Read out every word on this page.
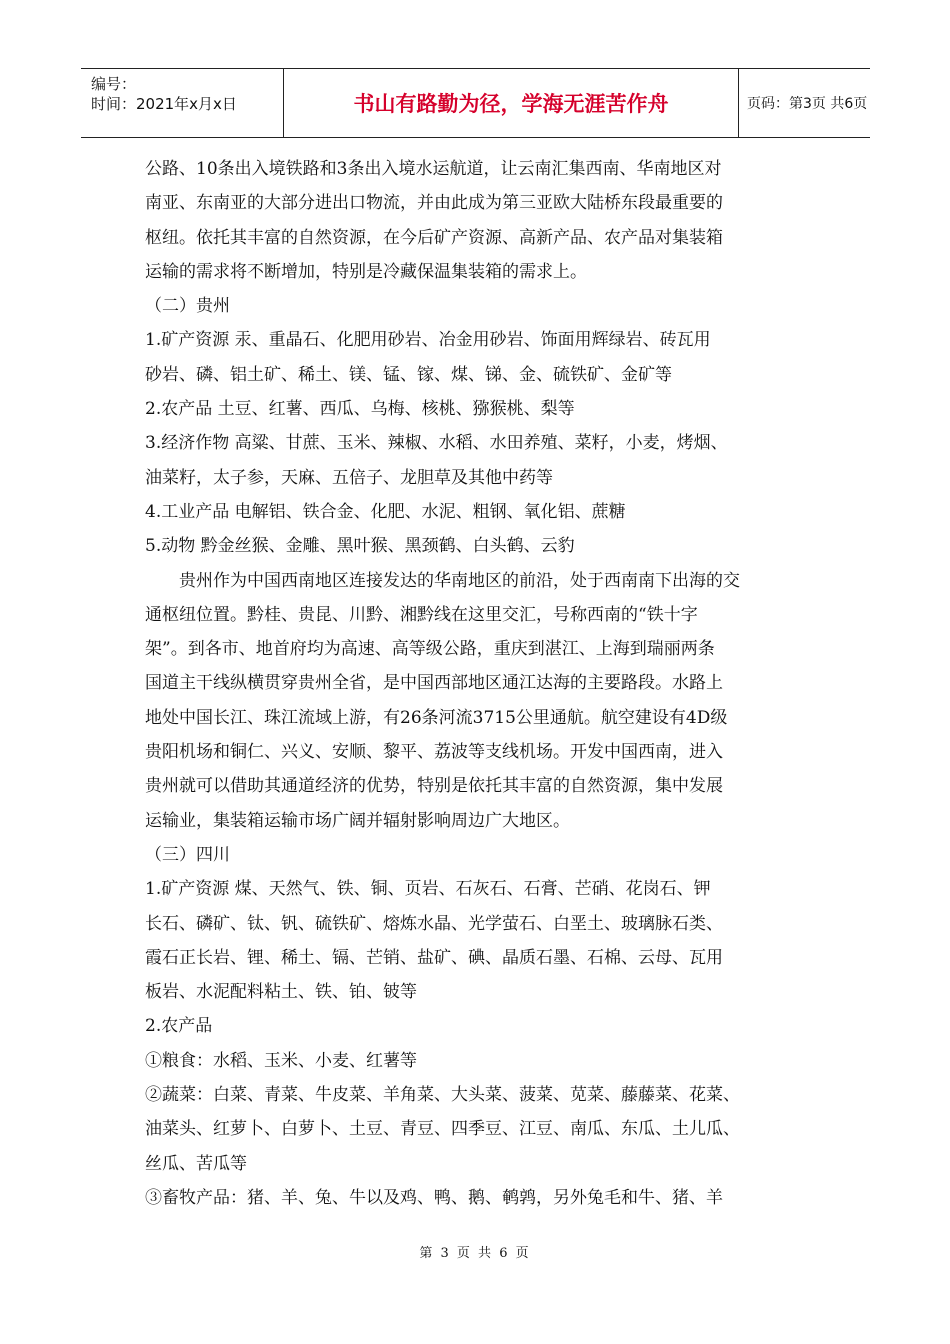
编号：
时间：2021年x月x日	书山有路勤为径，学海无涯苦作舟	页码：第3页 共6页
公路、10条出入境铁路和3条出入境水运航道，让云南汇集西南、华南地区对
南亚、东南亚的大部分进出口物流，并由此成为第三亚欧大陆桥东段最重要的
枢纽。依托其丰富的自然资源，在今后矿产资源、高新产品、农产品对集装箱
运输的需求将不断增加，特别是冷藏保温集装箱的需求上。
（二）贵州
1.矿产资源 汞、重晶石、化肥用砂岩、冶金用砂岩、饰面用辉绿岩、砖瓦用
砂岩、磷、铝土矿、稀土、镁、锰、镓、煤、锑、金、硫铁矿、金矿等
2.农产品 土豆、红薯、西瓜、乌梅、核桃、猕猴桃、梨等
3.经济作物 高粱、甘蔗、玉米、辣椒、水稻、水田养殖、菜籽，小麦，烤烟、
油菜籽，太子参，天麻、五倍子、龙胆草及其他中药等
4.工业产品 电解铝、铁合金、化肥、水泥、粗钢、氧化铝、蔗糖
5.动物 黔金丝猴、金雕、黑叶猴、黑颈鹤、白头鹤、云豹
贵州作为中国西南地区连接发达的华南地区的前沿，处于西南南下出海的交
通枢纽位置。黔桂、贵昆、川黔、湘黔线在这里交汇，号称西南的“铁十字
架”。到各市、地首府均为高速、高等级公路，重庆到湛江、上海到瑞丽两条
国道主干线纵横贯穿贵州全省，是中国西部地区通江达海的主要路段。水路上
地处中国长江、珠江流域上游，有26条河流3715公里通航。航空建设有4D级
贵阳机场和铜仁、兴义、安顺、黎平、荔波等支线机场。开发中国西南，进入
贵州就可以借助其通道经济的优势，特别是依托其丰富的自然资源，集中发展
运输业，集装箱运输市场广阔并辐射影响周边广大地区。
（三）四川
1.矿产资源 煤、天然气、铁、铜、页岩、石灰石、石膏、芒硝、花岗石、钾
长石、磷矿、钛、钒、硫铁矿、熔炼水晶、光学萤石、白垩土、玻璃脉石类、
霞石正长岩、锂、稀土、镉、芒销、盐矿、碘、晶质石墨、石棉、云母、瓦用
板岩、水泥配料粘土、铁、铂、铍等
2.农产品
①粮食：水稻、玉米、小麦、红薯等
②蔬菜：白菜、青菜、牛皮菜、羊角菜、大头菜、菠菜、苋菜、藤藤菜、花菜、
油菜头、红萝卜、白萝卜、土豆、青豆、四季豆、江豆、南瓜、东瓜、土儿瓜、
丝瓜、苦瓜等
③畜牧产品：猪、羊、兔、牛以及鸡、鸭、鹅、鹌鹑，另外兔毛和牛、猪、羊
第 3 页 共 6 页
